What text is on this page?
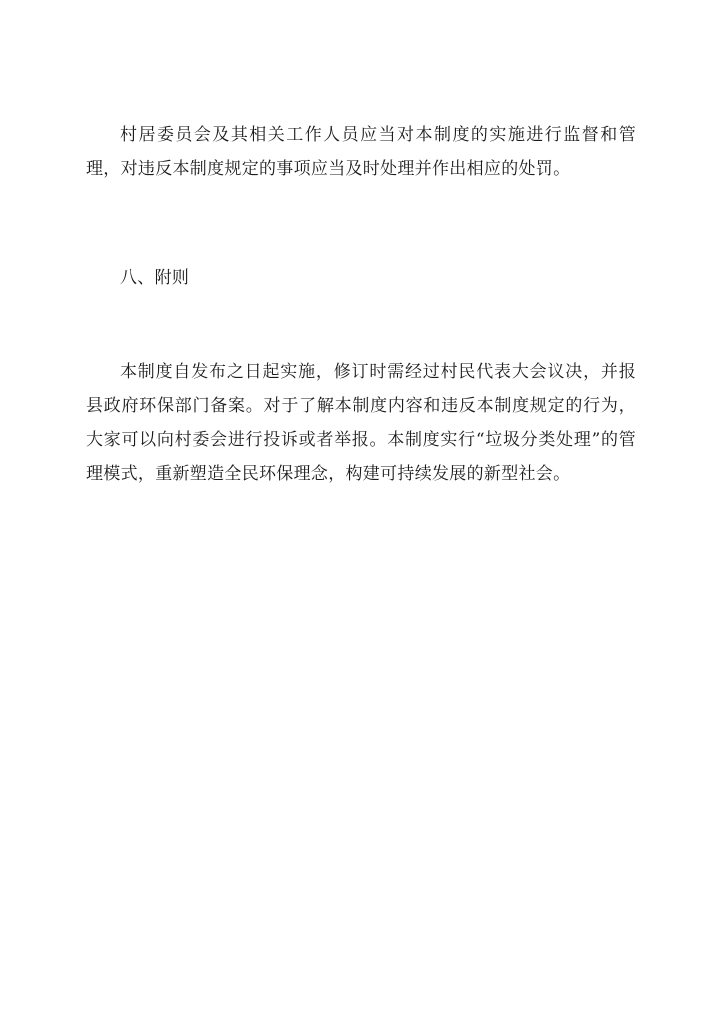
村居委员会及其相关工作人员应当对本制度的实施进行监督和管理，对违反本制度规定的事项应当及时处理并作出相应的处罚。

八、附则

本制度自发布之日起实施，修订时需经过村民代表大会议决，并报县政府环保部门备案。对于了解本制度内容和违反本制度规定的行为，大家可以向村委会进行投诉或者举报。本制度实行“垃圾分类处理”的管理模式，重新塑造全民环保理念，构建可持续发展的新型社会。
